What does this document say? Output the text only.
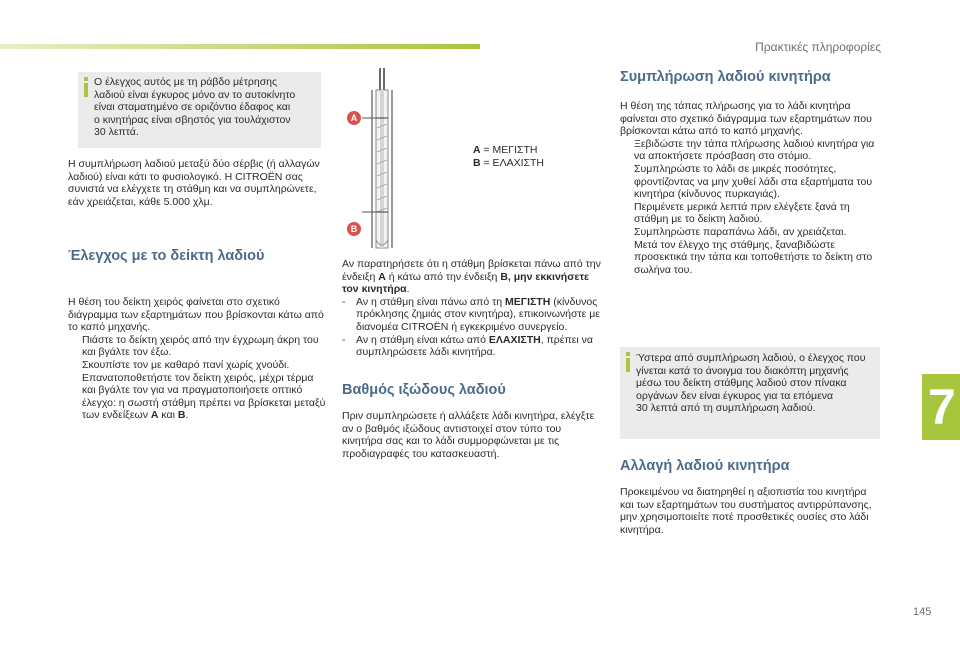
Πρακτικές πληροφορίες
Ο έλεγχος αυτός με τη ράβδο μέτρησης
λαδιού είναι έγκυρος μόνο αν το αυτοκίνητο
είναι σταματημένο σε οριζόντιο έδαφος και
ο κινητήρας είναι σβηστός για τουλάχιστον
30 λεπτά.
Η συμπλήρωση λαδιού μεταξύ δύο σέρβις (ή αλλαγών λαδιού) είναι κάτι το φυσιολογικό. Η CITROËN σας συνιστά να ελέγχετε τη στάθμη και να συμπληρώνετε, εάν χρειάζεται, κάθε 5.000 χλμ.
Έλεγχος με το δείκτη λαδιού
Η θέση του δείκτη χειρός φαίνεται στο σχετικό διάγραμμα των εξαρτημάτων που βρίσκονται κάτω από το καπό μηχανής.
Πιάστε το δείκτη χειρός από την έγχρωμη άκρη του και βγάλτε τον έξω.
Σκουπίστε τον με καθαρό πανί χωρίς χνούδι.
Επανατοποθετήστε τον δείκτη χειρός, μέχρι τέρμα και βγάλτε τον για να πραγματοποιήσετε οπτικό έλεγχο: η σωστή στάθμη πρέπει να βρίσκεται μεταξύ των ενδείξεων A και B.
A
B
A = ΜΕΓΙΣΤΗ
B = ΕΛΑΧΙΣΤΗ
Αν παρατηρήσετε ότι η στάθμη βρίσκεται πάνω από την ένδειξη A ή κάτω από την ένδειξη B, μην εκκινήσετε τον κινητήρα.
- Αν η στάθμη είναι πάνω από τη ΜΕΓΙΣΤΗ (κίνδυνος πρόκλησης ζημιάς στον κινητήρα), επικοινωνήστε με διανομέα CITROËN ή εγκεκριμένο συνεργείο.
- Αν η στάθμη είναι κάτω από ΕΛΑΧΙΣΤΗ, πρέπει να συμπληρώσετε λάδι κινητήρα.
Βαθμός ιξώδους λαδιού
Πριν συμπληρώσετε ή αλλάξετε λάδι κινητήρα, ελέγξτε αν ο βαθμός ιξώδους αντιστοιχεί στον τύπο του κινητήρα σας και το λάδι συμμορφώνεται με τις προδιαγραφές του κατασκευαστή.
Συμπλήρωση λαδιού κινητήρα
Η θέση της τάπας πλήρωσης για το λάδι κινητήρα φαίνεται στο σχετικό διάγραμμα των εξαρτημάτων που βρίσκονται κάτω από το καπό μηχανής.
Ξεβιδώστε την τάπα πλήρωσης λαδιού κινητήρα για να αποκτήσετε πρόσβαση στο στόμιο.
Συμπληρώστε το λάδι σε μικρές ποσότητες, φροντίζοντας να μην χυθεί λάδι στα εξαρτήματα του κινητήρα (κίνδυνος πυρκαγιάς).
Περιμένετε μερικά λεπτά πριν ελέγξετε ξανά τη στάθμη με το δείκτη λαδιού.
Συμπληρώστε παραπάνω λάδι, αν χρειάζεται.
Μετά τον έλεγχο της στάθμης, ξαναβιδώστε προσεκτικά την τάπα και τοποθετήστε το δείκτη στο σωλήνα του.
Ύστερα από συμπλήρωση λαδιού, ο έλεγχος που
γίνεται κατά το άνοιγμα του διακόπτη μηχανής
μέσω του δείκτη στάθμης λαδιού στον πίνακα
οργάνων δεν είναι έγκυρος για τα επόμενα
30 λεπτά από τη συμπλήρωση λαδιού.
Αλλαγή λαδιού κινητήρα
Προκειμένου να διατηρηθεί η αξιοπιστία του κινητήρα και των εξαρτημάτων του συστήματος αντιρρύπανσης, μην χρησιμοποιείτε ποτέ προσθετικές ουσίες στο λάδι κινητήρα.
7
145
